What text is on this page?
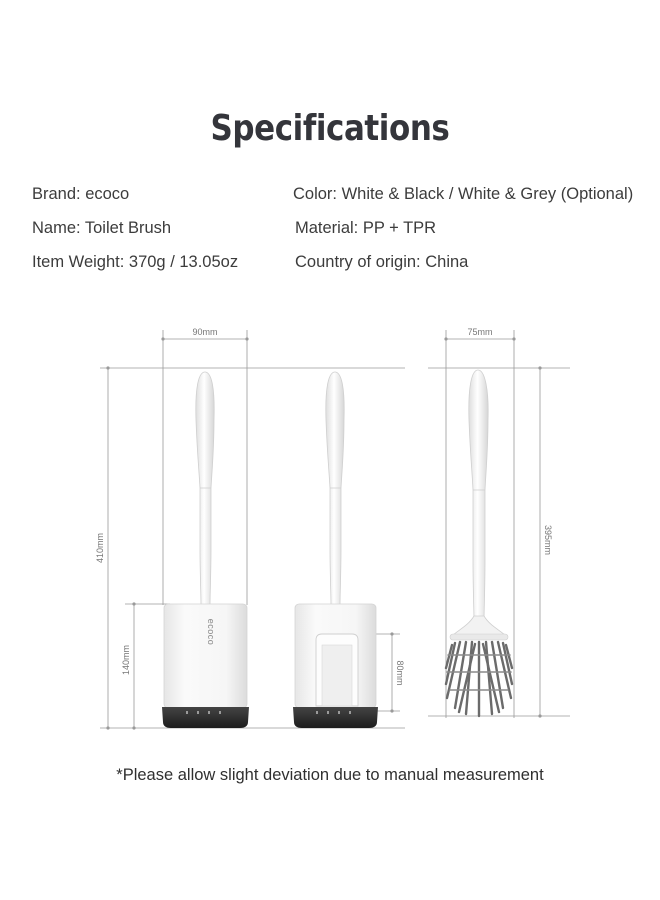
Specifications
Brand: ecoco
Name: Toilet Brush
Item Weight: 370g / 13.05oz
Color: White & Black / White & Grey (Optional)
Material: PP + TPR
Country of origin: China
90mm	75mm
410mm
140mm	80mm
395mm
ecoco
*Please allow slight deviation due to manual measurement
